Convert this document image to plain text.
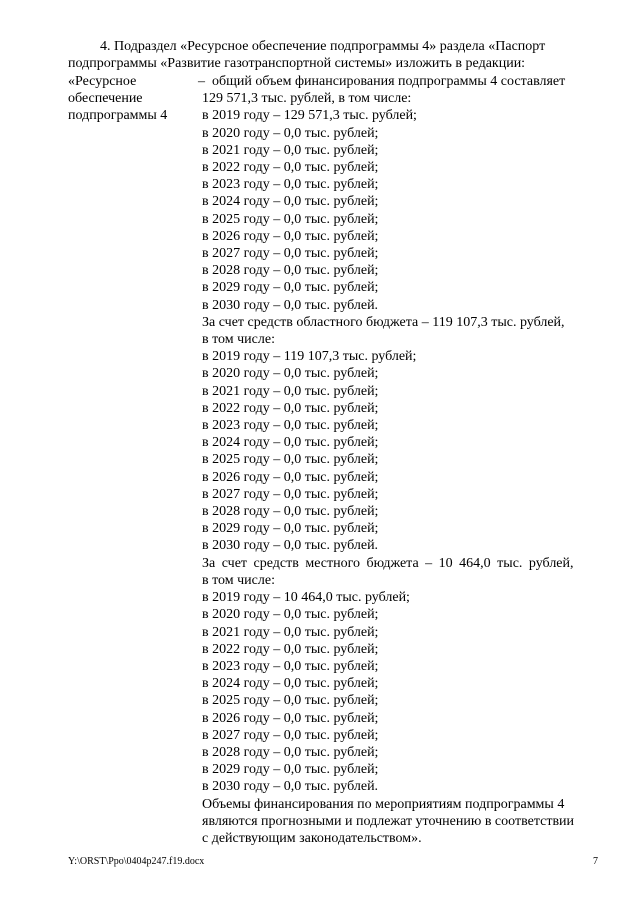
4. Подраздел «Ресурсное обеспечение подпрограммы 4» раздела «Паспорт
подпрограммы «Развитие газотранспортной системы» изложить в редакции:
«Ресурсное
обеспечение
подпрограммы 4
– общий объем финансирования подпрограммы 4 составляет
129 571,3 тыс. рублей, в том числе:
в 2019 году – 129 571,3 тыс. рублей;
в 2020 году – 0,0 тыс. рублей;
в 2021 году – 0,0 тыс. рублей;
в 2022 году – 0,0 тыс. рублей;
в 2023 году – 0,0 тыс. рублей;
в 2024 году – 0,0 тыс. рублей;
в 2025 году – 0,0 тыс. рублей;
в 2026 году – 0,0 тыс. рублей;
в 2027 году – 0,0 тыс. рублей;
в 2028 году – 0,0 тыс. рублей;
в 2029 году – 0,0 тыс. рублей;
в 2030 году – 0,0 тыс. рублей.
За счет средств областного бюджета – 119 107,3 тыс. рублей,
в том числе:
в 2019 году – 119 107,3 тыс. рублей;
в 2020 году – 0,0 тыс. рублей;
в 2021 году – 0,0 тыс. рублей;
в 2022 году – 0,0 тыс. рублей;
в 2023 году – 0,0 тыс. рублей;
в 2024 году – 0,0 тыс. рублей;
в 2025 году – 0,0 тыс. рублей;
в 2026 году – 0,0 тыс. рублей;
в 2027 году – 0,0 тыс. рублей;
в 2028 году – 0,0 тыс. рублей;
в 2029 году – 0,0 тыс. рублей;
в 2030 году – 0,0 тыс. рублей.
За счет средств местного бюджета – 10 464,0 тыс. рублей,
в том числе:
в 2019 году – 10 464,0 тыс. рублей;
в 2020 году – 0,0 тыс. рублей;
в 2021 году – 0,0 тыс. рублей;
в 2022 году – 0,0 тыс. рублей;
в 2023 году – 0,0 тыс. рублей;
в 2024 году – 0,0 тыс. рублей;
в 2025 году – 0,0 тыс. рублей;
в 2026 году – 0,0 тыс. рублей;
в 2027 году – 0,0 тыс. рублей;
в 2028 году – 0,0 тыс. рублей;
в 2029 году – 0,0 тыс. рублей;
в 2030 году – 0,0 тыс. рублей.
Объемы финансирования по мероприятиям подпрограммы 4
являются прогнозными и подлежат уточнению в соответствии
с действующим законодательством».
Y:\ORST\Ppo\0404p247.f19.docx	7
